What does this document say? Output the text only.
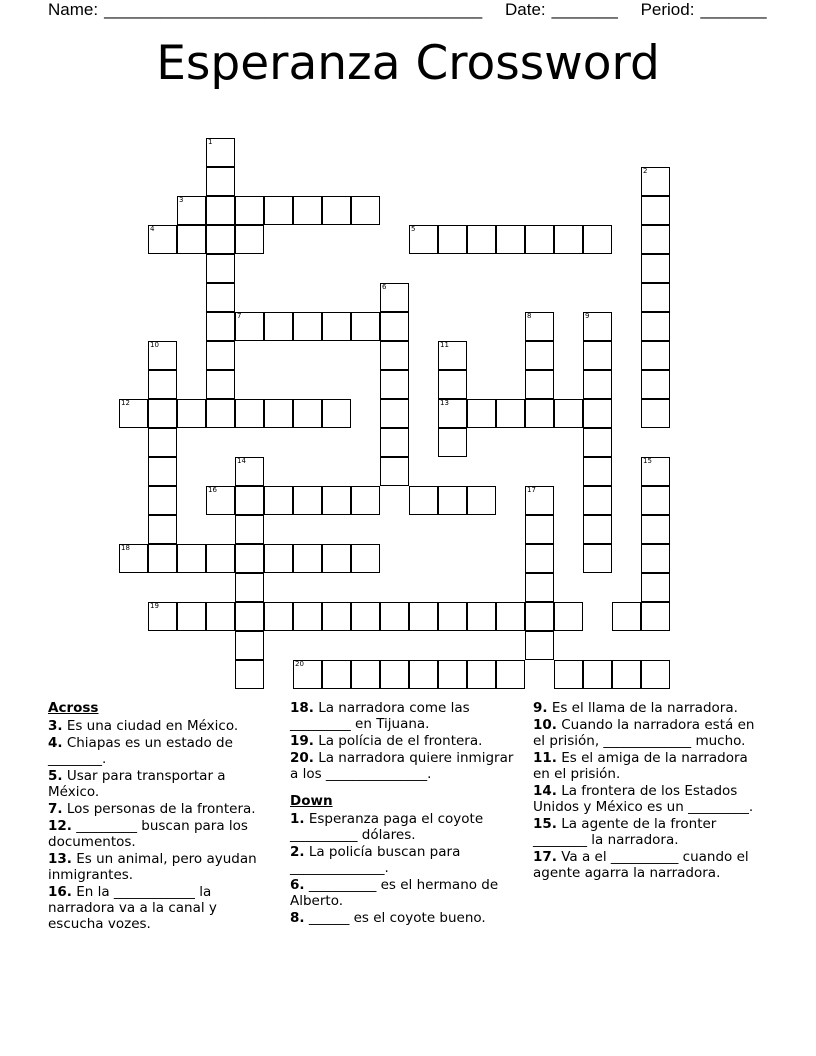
Name: ________________________________________ Date: _______ Period: _______
Esperanza Crossword
1
4
3
5
2
6
7	8	9
10	11
12	13
14	15
16	17
18
19
20
Across
3. Es una ciudad en México.
4. Chiapas es un estado de ________.
5. Usar para transportar a México.
7. Los personas de la frontera.
12. _________ buscan para los documentos.
13. Es un animal, pero ayudan inmigrantes.
16. En la ____________ la narradora va a la canal y escucha vozes.
18. La narradora come las _________ en Tijuana.
19. La polícia de el frontera.
20. La narradora quiere inmigrar a los _______________.
Down
1. Esperanza paga el coyote __________ dólares.
2. La policía buscan para ______________.
6. __________ es el hermano de Alberto.
8. ______ es el coyote bueno.
9. Es el llama de la narradora.
10. Cuando la narradora está en el prisión, _____________ mucho.
11. Es el amiga de la narradora en el prisión.
14. La frontera de los Estados Unidos y México es un _________.
15. La agente de la fronter ________ la narradora.
17. Va a el __________ cuando el agente agarra la narradora.
